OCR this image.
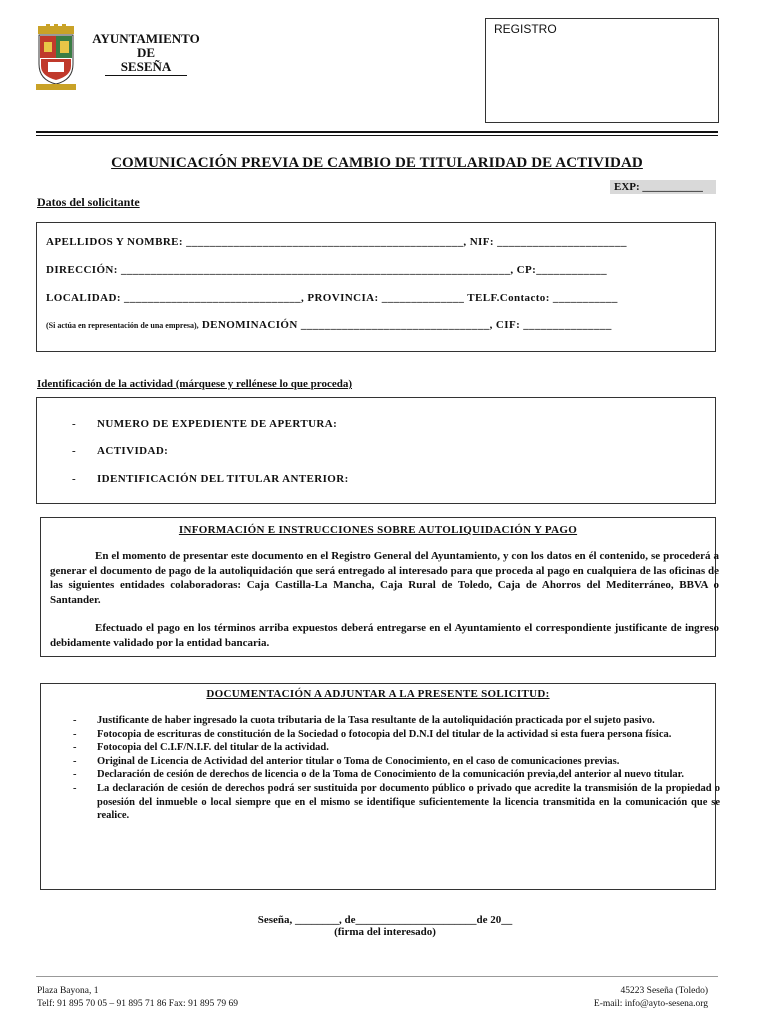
AYUNTAMIENTO
DE
SESEÑA
REGISTRO
COMUNICACIÓN PREVIA DE CAMBIO DE TITULARIDAD DE ACTIVIDAD
EXP: ___________
Datos del solicitante
APELLIDOS Y NOMBRE: _______________________________________________, NIF: ______________________
DIRECCIÓN: __________________________________________________________________, CP:____________
LOCALIDAD: ______________________________, PROVINCIA: ______________ TELF.Contacto: ___________
(Si actúa en representación de una empresa), DENOMINACIÓN ________________________________, CIF: _______________
Identificación de la actividad (márquese y rellénese lo que proceda)
- NUMERO DE EXPEDIENTE DE APERTURA:
- ACTIVIDAD:
- IDENTIFICACIÓN DEL TITULAR ANTERIOR:
INFORMACIÓN E INSTRUCCIONES SOBRE AUTOLIQUIDACIÓN Y PAGO
En el momento de presentar este documento en el Registro General del Ayuntamiento, y con los datos en él contenido, se procederá a generar el documento de pago de la autoliquidación que será entregado al interesado para que proceda al pago en cualquiera de las oficinas de las siguientes entidades colaboradoras: Caja Castilla-La Mancha, Caja Rural de Toledo, Caja de Ahorros del Mediterráneo, BBVA o Santander.
Efectuado el pago en los términos arriba expuestos deberá entregarse en el Ayuntamiento el correspondiente justificante de ingreso debidamente validado por la entidad bancaria.
DOCUMENTACIÓN A ADJUNTAR A LA PRESENTE SOLICITUD:
- Justificante de haber ingresado la cuota tributaria de la Tasa resultante de la autoliquidación practicada por el sujeto pasivo.
- Fotocopia de escrituras de constitución de la Sociedad o fotocopia del D.N.I del titular de la actividad si esta fuera persona física.
- Fotocopia del C.I.F/N.I.F. del titular de la actividad.
- Original de Licencia de Actividad del anterior titular o Toma de Conocimiento, en el caso de comunicaciones previas.
- Declaración de cesión de derechos de licencia o de la Toma de Conocimiento de la comunicación previa,del anterior al nuevo titular.
- La declaración de cesión de derechos podrá ser sustituida por documento público o privado que acredite la transmisión de la propiedad o posesión del inmueble o local siempre que en el mismo se identifique suficientemente la licencia transmitida en la comunicación que se realice.
Seseña, ________, de______________________de 20__
(firma del interesado)
Plaza Bayona, 1
Telf: 91 895 70 05 – 91 895 71 86 Fax: 91 895 79 69
45223 Seseña (Toledo)
E-mail: info@ayto-sesena.org
